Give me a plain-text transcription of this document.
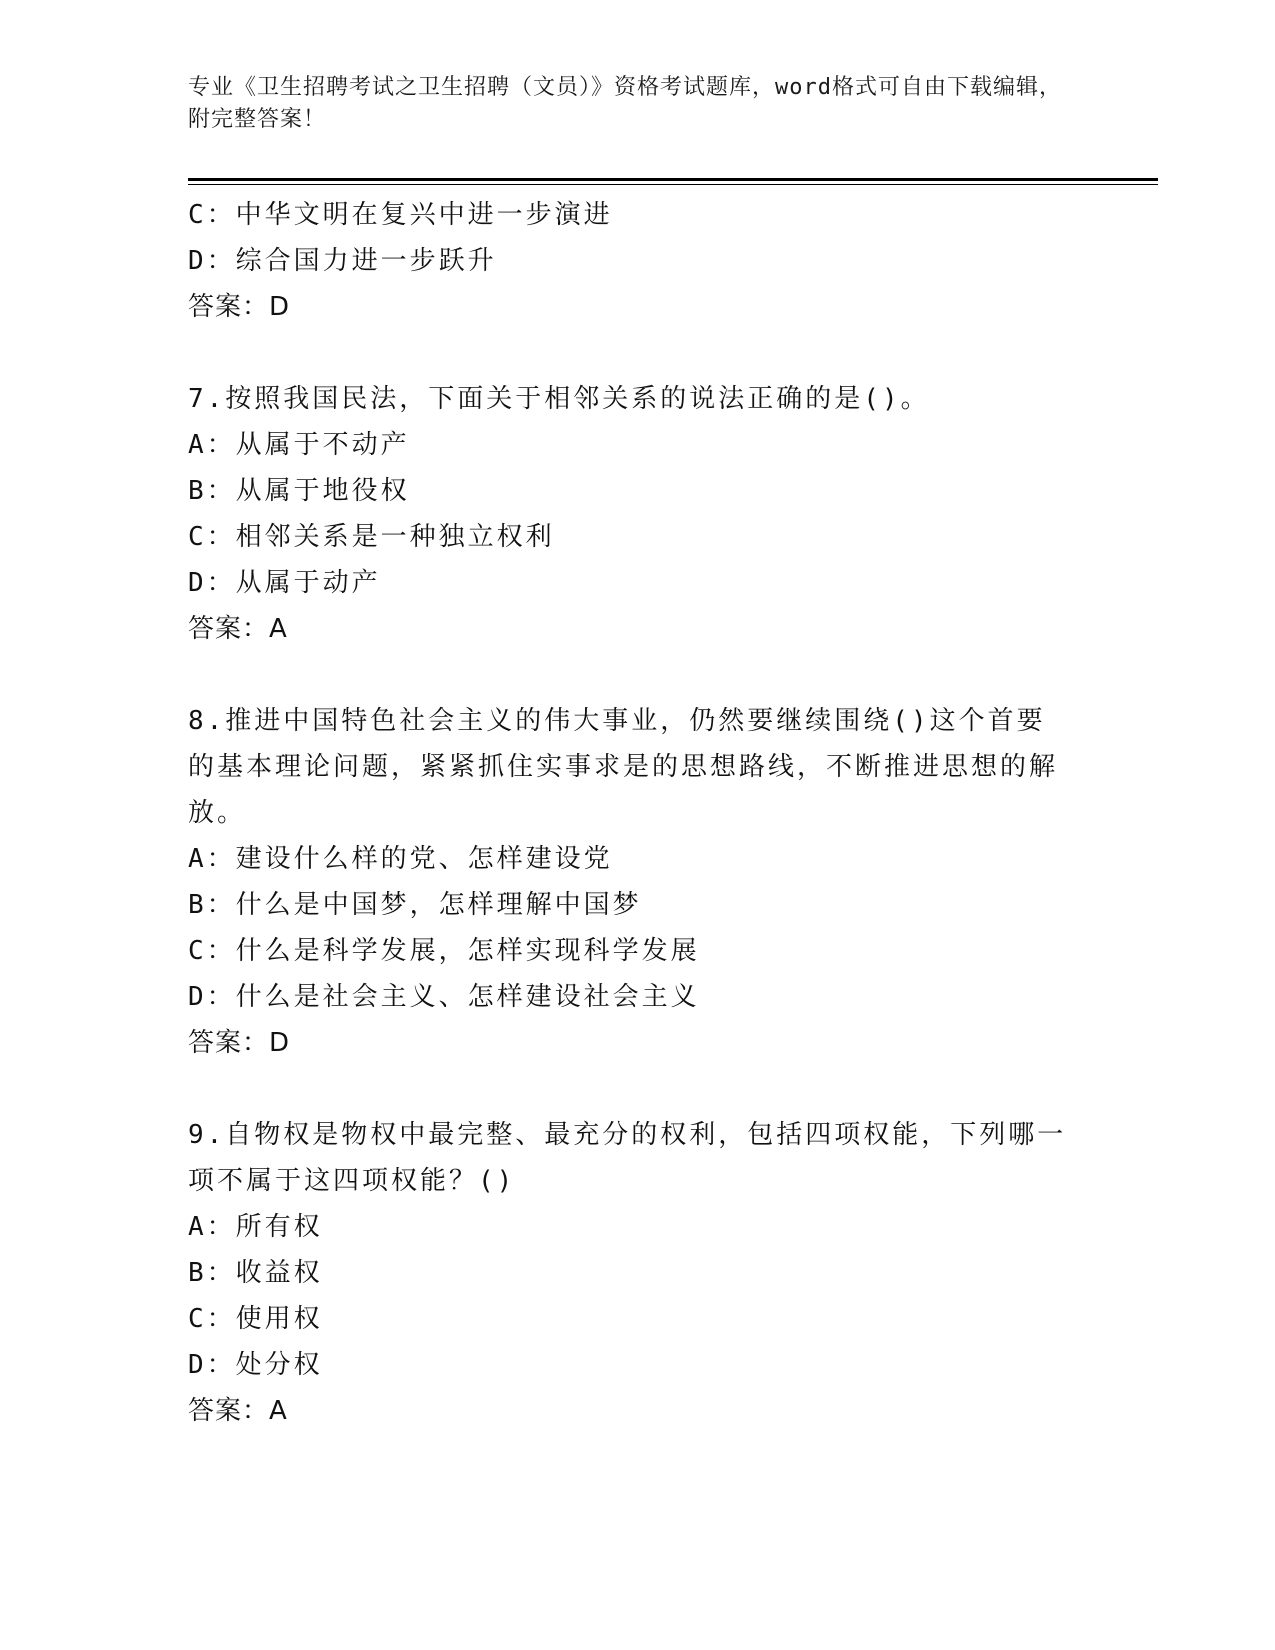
专业《卫生招聘考试之卫生招聘（文员）》资格考试题库，word格式可自由下载编辑，附完整答案！

C：中华文明在复兴中进一步演进

D：综合国力进一步跃升

答案：D

7.按照我国民法，下面关于相邻关系的说法正确的是()。

A：从属于不动产

B：从属于地役权

C：相邻关系是一种独立权利

D：从属于动产

答案：A

8.推进中国特色社会主义的伟大事业，仍然要继续围绕()这个首要的基本理论问题，紧紧抓住实事求是的思想路线，不断推进思想的解放。

A：建设什么样的党、怎样建设党

B：什么是中国梦，怎样理解中国梦

C：什么是科学发展，怎样实现科学发展

D：什么是社会主义、怎样建设社会主义

答案：D

9.自物权是物权中最完整、最充分的权利，包括四项权能，下列哪一项不属于这四项权能？()

A：所有权

B：收益权

C：使用权

D：处分权

答案：A
